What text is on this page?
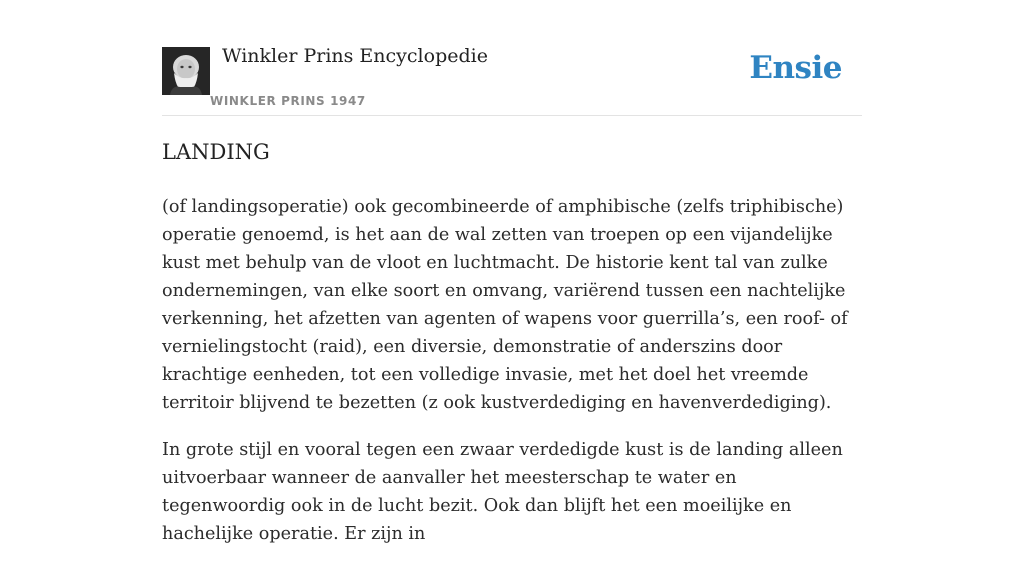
Winkler Prins Encyclopedie
WINKLER PRINS 1947
Ensie
LANDING

(of landingsoperatie) ook gecombineerde of amphibische (zelfs triphibische) operatie genoemd, is het aan de wal zetten van troepen op een vijandelijke kust met behulp van de vloot en luchtmacht. De historie kent tal van zulke ondernemingen, van elke soort en omvang, variërend tussen een nachtelijke verkenning, het afzetten van agenten of wapens voor guerrilla’s, een roof- of vernielingstocht (raid), een diversie, demonstratie of anderszins door krachtige eenheden, tot een volledige invasie, met het doel het vreemde territoir blijvend te bezetten (z ook kustverdediging en havenverdediging).

In grote stijl en vooral tegen een zwaar verdedigde kust is de landing alleen uitvoerbaar wanneer de aanvaller het meesterschap te water en tegenwoordig ook in de lucht bezit. Ook dan blijft het een moeilijke en hachelijke operatie. Er zijn in
